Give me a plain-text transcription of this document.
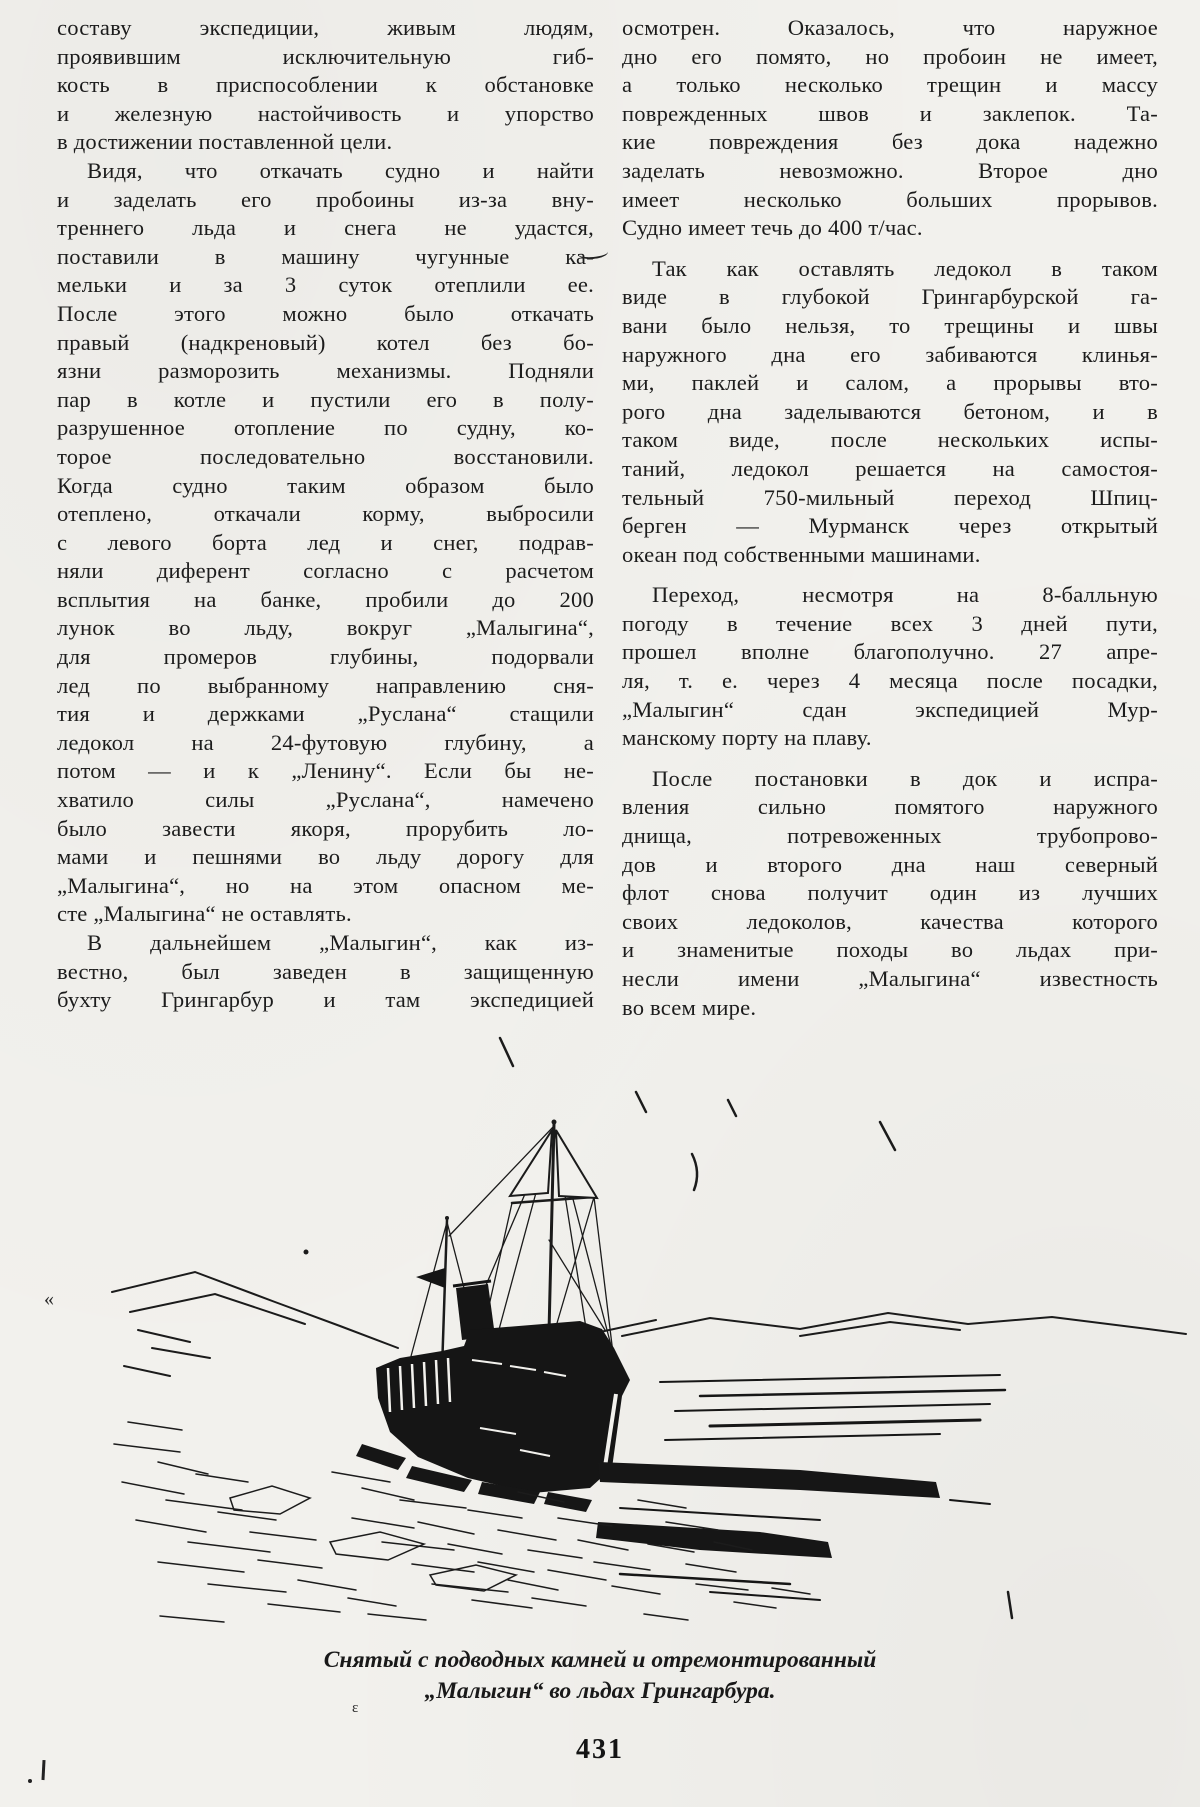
составу экспедиции, живым людям,
проявившим исключительную гиб-
кость в приспособлении к обстановке
и железную настойчивость и упорство
в достижении поставленной цели.
Видя, что откачать судно и найти
и заделать его пробоины из-за вну-
треннего льда и снега не удастся,
поставили в машину чугунные ка-
мельки и за 3 суток отеплили ее.
После этого можно было откачать
правый (надкреновый) котел без бо-
язни разморозить механизмы. Подняли
пар в котле и пустили его в полу-
разрушенное отопление по судну, ко-
торое последовательно восстановили.
Когда судно таким образом было
отеплено, откачали корму, выбросили
с левого борта лед и снег, подрав-
няли диферент согласно с расчетом
всплытия на банке, пробили до 200
лунок во льду, вокруг „Малыгина“,
для промеров глубины, подорвали
лед по выбранному направлению сня-
тия и держками „Руслана“ стащили
ледокол на 24-футовую глубину, а
потом — и к „Ленину“. Если бы не-
хватило силы „Руслана“, намечено
было завести якоря, прорубить ло-
мами и пешнями во льду дорогу для
„Малыгина“, но на этом опасном ме-
сте „Малыгина“ не оставлять.
В дальнейшем „Малыгин“, как из-
вестно, был заведен в защищенную
бухту Грингарбур и там экспедицией
осмотрен. Оказалось, что наружное
дно его помято, но пробоин не имеет,
а только несколько трещин и массу
поврежденных швов и заклепок. Та-
кие повреждения без дока надежно
заделать невозможно. Второе дно
имеет несколько больших прорывов.
Судно имеет течь до 400 т/час.
Так как оставлять ледокол в таком
виде в глубокой Грингарбурской га-
вани было нельзя, то трещины и швы
наружного дна его забиваются клинья-
ми, паклей и салом, а прорывы вто-
рого дна заделываются бетоном, и в
таком виде, после нескольких испы-
таний, ледокол решается на самостоя-
тельный 750-мильный переход Шпиц-
берген — Мурманск через открытый
океан под собственными машинами.
Переход, несмотря на 8-балльную
погоду в течение всех 3 дней пути,
прошел вполне благополучно. 27 апре-
ля, т. е. через 4 месяца после посадки,
„Малыгин“ сдан экспедицией Мур-
манскому порту на плаву.
После постановки в док и испра-
вления сильно помятого наружного
днища, потревоженных трубопрово-
дов и второго дна наш северный
флот снова получит один из лучших
своих ледоколов, качества которого
и знаменитые походы во льдах при-
несли имени „Малыгина“ известность
во всем мире.
«
ε
Снятый с подводных камней и отремонтированный
„Малыгин“ во льдах Грингарбура.
431
